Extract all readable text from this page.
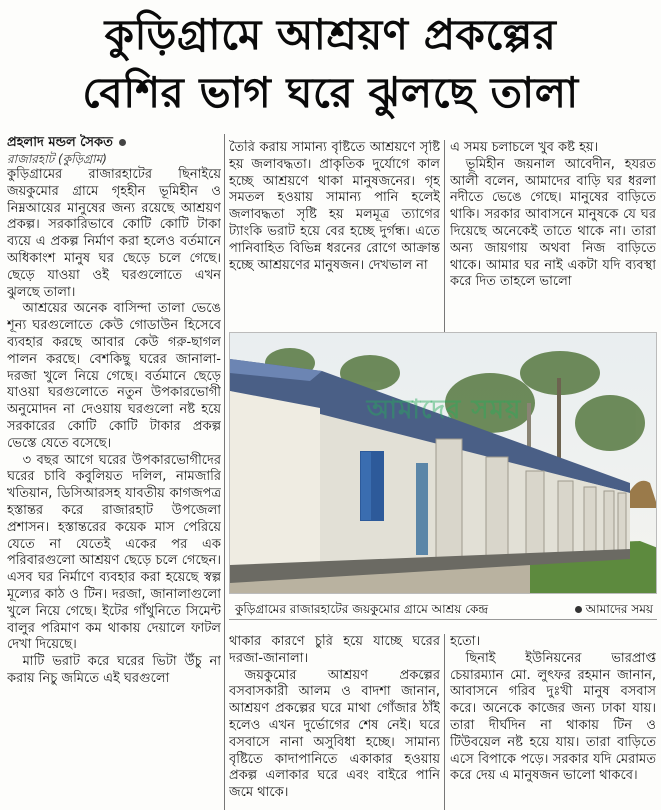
কুড়িগ্রামে আশ্রয়ণ প্রকল্পের
বেশির ভাগ ঘরে ঝুলছে তালা
প্রহলাদ মন্ডল সৈকত
রাজারহাট (কুড়িগ্রাম)

কুড়িগ্রামের রাজারহাটের ছিনাইয়ে জয়কুমোর গ্রামে গৃহহীন ভূমিহীন ও নিম্নআয়ের মানুষের জন্য রয়েছে আশ্রয়ণ প্রকল্প। সরকারিভাবে কোটি কোটি টাকা ব্যয়ে এ প্রকল্প নির্মাণ করা হলেও বর্তমানে অধিকাংশ মানুষ ঘর ছেড়ে চলে গেছে। ছেড়ে যাওয়া ওই ঘরগুলোতে এখন ঝুলছে তালা।

আশ্রয়ের অনেক বাসিন্দা তালা ভেঙে শূন্য ঘরগুলোতে কেউ গোডাউন হিসেবে ব্যবহার করছে আবার কেউ গরু-ছাগল পালন করছে। বেশকিছু ঘরের জানালা-দরজা খুলে নিয়ে গেছে। বর্তমানে ছেড়ে যাওয়া ঘরগুলোতে নতুন উপকারভোগী অনুমোদন না দেওয়ায় ঘরগুলো নষ্ট হয়ে সরকারের কোটি কোটি টাকার প্রকল্প ভেস্তে যেতে বসেছে।

৩ বছর আগে ঘরের উপকারভোগীদের ঘরের চাবি কবুলিয়ত দলিল, নামজারি খতিয়ান, ডিসিআরসহ যাবতীয় কাগজপত্র হস্তান্তর করে রাজারহাট উপজেলা প্রশাসন। হস্তান্তরের কয়েক মাস পেরিয়ে যেতে না যেতেই একের পর এক পরিবারগুলো আশ্রয়ণ ছেড়ে চলে গেছেন। এসব ঘর নির্মাণে ব্যবহার করা হয়েছে স্বল্প মূল্যের কাঠ ও টিন। দরজা, জানালাগুলো খুলে নিয়ে গেছে। ইটের গাঁথুনিতে সিমেন্ট বালুর পরিমাণ কম থাকায় দেয়ালে ফাটল দেখা দিয়েছে।

মাটি ভরাট করে ঘরের ভিটা উঁচু না করায় নিচু জমিতে এই ঘরগুলো

তৈরি করায় সামান্য বৃষ্টিতে আশ্রয়ণে সৃষ্টি হয় জলাবদ্ধতা। প্রাকৃতিক দুর্যোগে কাল হচ্ছে আশ্রয়ণে থাকা মানুষজনের। গৃহ সমতল হওয়ায় সামান্য পানি হলেই জলাবদ্ধতা সৃষ্টি হয় মলমূত্র ত্যাগের ট্যাংকি ভরাট হয়ে বের হচ্ছে দুর্গন্ধ। এতে পানিবাহিত বিভিন্ন ধরনের রোগে আক্রান্ত হচ্ছে আশ্রয়ণের মানুষজন। দেখভাল না

এ সময় চলাচলে খুব কষ্ট হয়।

ভূমিহীন জয়নাল আবেদীন, হযরত আলী বলেন, আমাদের বাড়ি ঘর ধরলা নদীতে ভেঙে গেছে। মানুষের বাড়িতে থাকি। সরকার আবাসনে মানুষকে যে ঘর দিয়েছে অনেকেই তাতে থাকে না। তারা অন্য জায়গায় অথবা নিজ বাড়িতে থাকে। আমার ঘর নাই একটা যদি ব্যবস্থা করে দিত তাহলে ভালো

আমাদের সময়
কুড়িগ্রামের রাজারহাটের জয়কুমোর গ্রামে আশ্রয় কেন্দ্র	আমাদের সময়

থাকার কারণে চুরি হয়ে যাচ্ছে ঘরের দরজা-জানালা।

জয়কুমোর আশ্রয়ণ প্রকল্পের বসবাসকারী আলম ও বাদশা জানান, আশ্রয়ণ প্রকল্পের ঘরে মাথা গোঁজার ঠাঁই হলেও এখন দুর্ভোগের শেষ নেই। ঘরে বসবাসে নানা অসুবিধা হচ্ছে। সামান্য বৃষ্টিতে কাদাপানিতে একাকার হওয়ায় প্রকল্প এলাকার ঘরে এবং বাইরে পানি জমে থাকে।

হতো।

ছিনাই ইউনিয়নের ভারপ্রাপ্ত চেয়ারম্যান মো. লুৎফর রহমান জানান, আবাসনে গরিব দুঃখী মানুষ বসবাস করে। অনেকে কাজের জন্য ঢাকা যায়। তারা দীর্ঘদিন না থাকায় টিন ও টিউবয়েল নষ্ট হয়ে যায়। তারা বাড়িতে এসে বিপাকে পড়ে। সরকার যদি মেরামত করে দেয় এ মানুষজন ভালো থাকবে।
